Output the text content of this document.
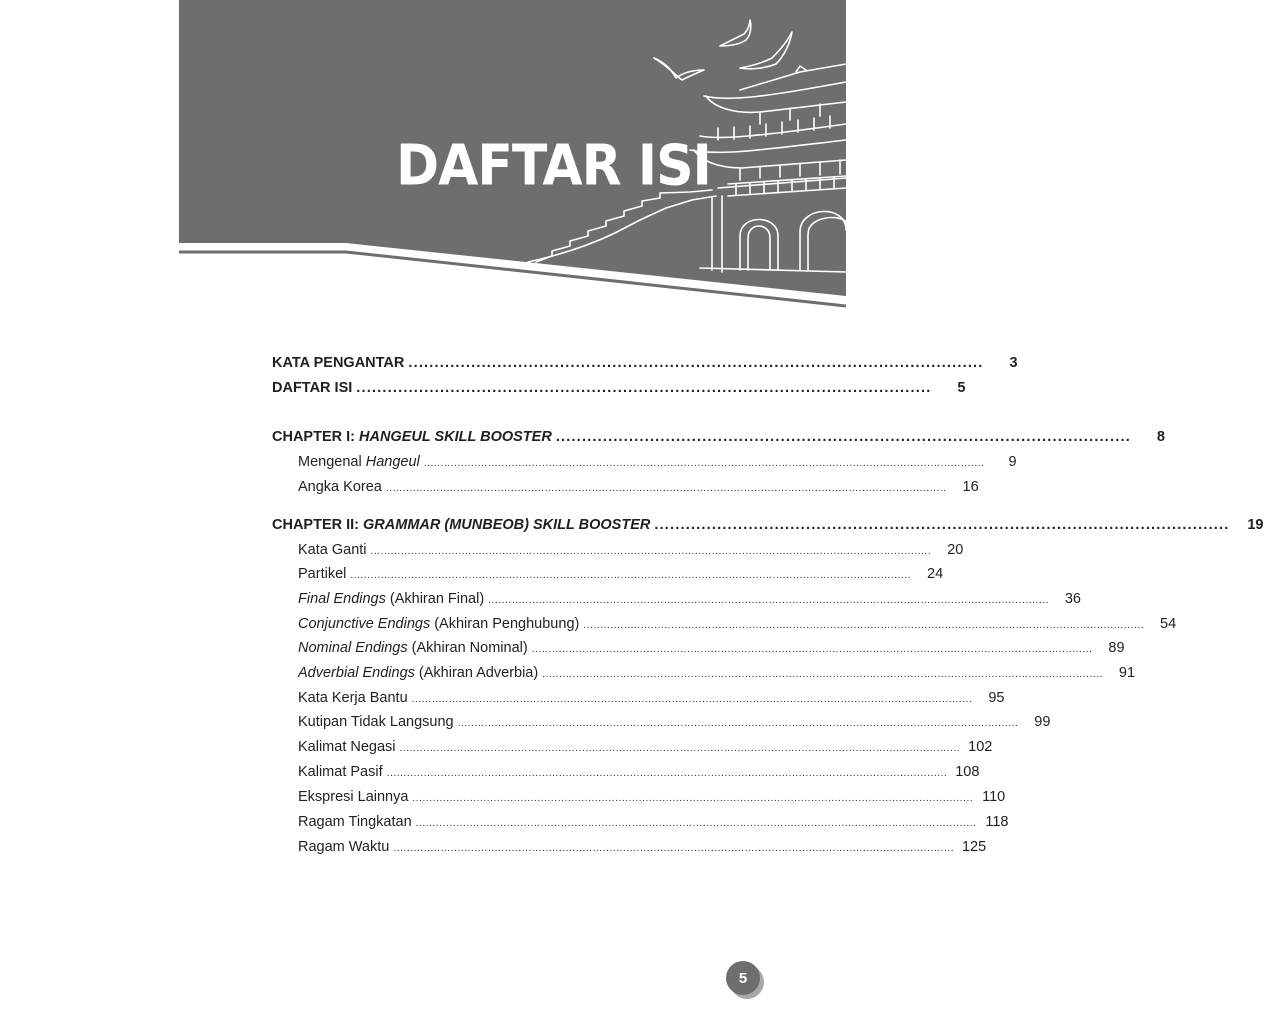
DAFTAR ISI
KATA PENGANTAR ..............................................................................................................	3
DAFTAR ISI ..............................................................................................................	5
CHAPTER I: HANGEUL SKILL BOOSTER ..............................................................................................................	8
Mengenal Hangeul ......................................................................................................................................................................	9
Angka Korea ......................................................................................................................................................................	16
CHAPTER II: GRAMMAR (MUNBEOB) SKILL BOOSTER ..............................................................................................................	19
Kata Ganti ......................................................................................................................................................................	20
Partikel ......................................................................................................................................................................	24
Final Endings (Akhiran Final) ......................................................................................................................................................................	36
Conjunctive Endings (Akhiran Penghubung) ......................................................................................................................................................................	54
Nominal Endings (Akhiran Nominal) ......................................................................................................................................................................	89
Adverbial Endings (Akhiran Adverbia) ......................................................................................................................................................................	91
Kata Kerja Bantu ......................................................................................................................................................................	95
Kutipan Tidak Langsung ......................................................................................................................................................................	99
Kalimat Negasi ...................................................................................................................................................................... 102
Kalimat Pasif ...................................................................................................................................................................... 108
Ekspresi Lainnya ...................................................................................................................................................................... 110
Ragam Tingkatan ...................................................................................................................................................................... 118
Ragam Waktu ...................................................................................................................................................................... 125
5
